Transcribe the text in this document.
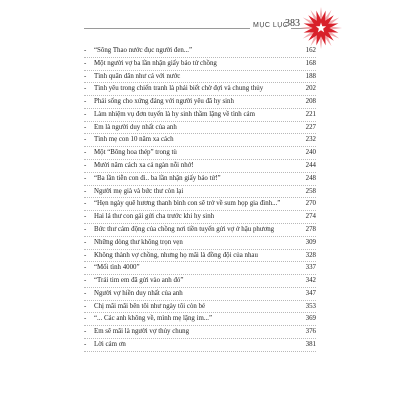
MỤC LỤC
383
-	“Sông Thao nước đục người đen...”	162
-	Một người vợ ba lần nhận giấy báo tử chồng	168
-	Tình quân dân như cá với nước	188
-	Tình yêu trong chiến tranh là phải biết chờ đợi và chung thủy	202
-	Phải sống cho xứng đáng với người yêu đã hy sinh	208
-	Làm nhiệm vụ đơn tuyến là hy sinh thầm lặng về tình cảm	221
-	Em là người duy nhất của anh	227
-	Tình mẹ con 10 năm xa cách	232
-	Một “Bông hoa thép” trong tù	240
-	Mười năm cách xa cả ngàn nỗi nhớ!	244
-	“Ba lần tiễn con đi.. ba lần nhận giấy báo tử!”	248
-	Người mẹ già và bức thư còn lại	258
-	“Hẹn ngày quê hương thanh bình con sẽ trở về sum họp gia đình...”	270
-	Hai lá thư con gái gửi cha trước khi hy sinh	274
-	Bức thư cảm động của chồng nơi tiền tuyến gửi vợ ở hậu phương	278
-	Những dòng thư không trọn vẹn	309
-	Không thành vợ chồng, nhưng họ mãi là đồng đội của nhau	328
-	“Mối tình 4000”	337
-	“Trái tim em đã gửi vào anh đó”	342
-	Người vợ hiền duy nhất của anh	347
-	Chị mãi mãi bên tôi như ngày tôi còn bé	353
-	“... Các anh không về, mình mẹ lặng im...”	369
-	Em sẽ mãi là người vợ thủy chung	376
-	Lời cảm ơn	381
